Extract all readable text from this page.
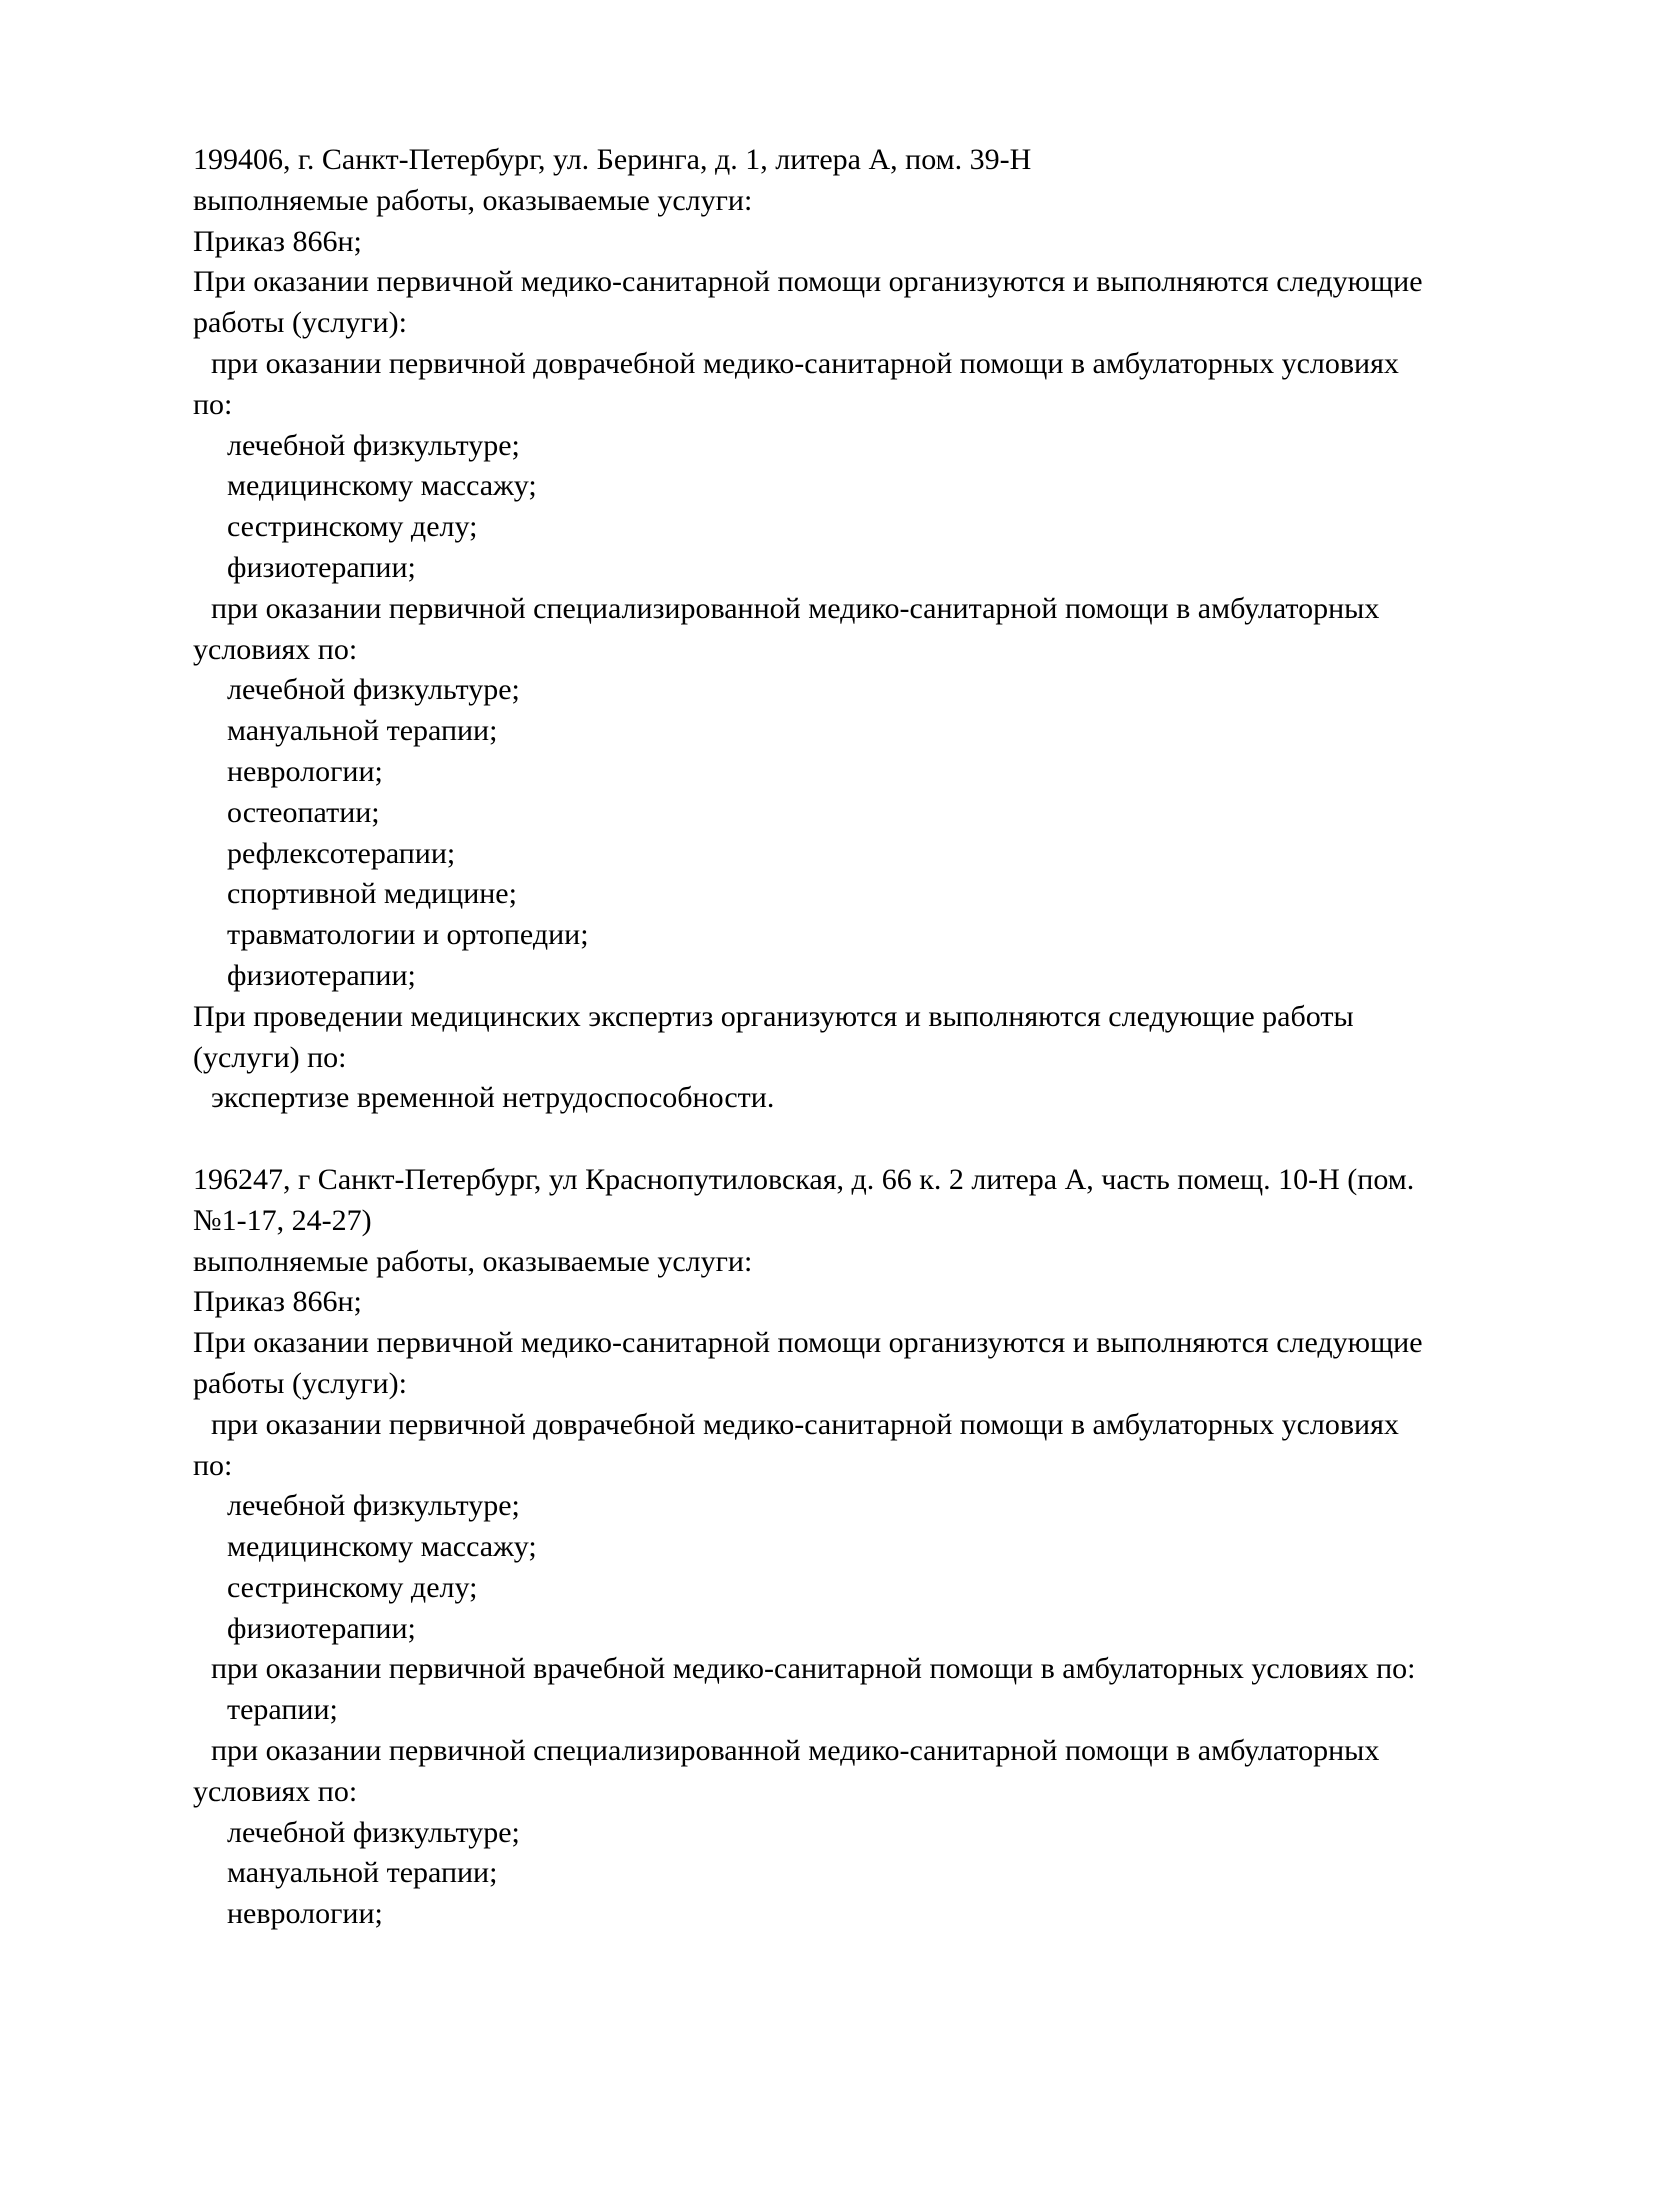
199406, г. Санкт-Петербург, ул. Беринга, д. 1, литера А, пом. 39-Н
выполняемые работы, оказываемые услуги:
Приказ 866н;
При оказании первичной медико-санитарной помощи организуются и выполняются следующие
работы (услуги):
при оказании первичной доврачебной медико-санитарной помощи в амбулаторных условиях
по:
лечебной физкультуре;
медицинскому массажу;
сестринскому делу;
физиотерапии;
при оказании первичной специализированной медико-санитарной помощи в амбулаторных
условиях по:
лечебной физкультуре;
мануальной терапии;
неврологии;
остеопатии;
рефлексотерапии;
спортивной медицине;
травматологии и ортопедии;
физиотерапии;
При проведении медицинских экспертиз организуются и выполняются следующие работы
(услуги) по:
экспертизе временной нетрудоспособности.

196247, г Санкт-Петербург, ул Краснопутиловская, д. 66 к. 2 литера А, часть помещ. 10-Н (пом.
№1-17, 24-27)
выполняемые работы, оказываемые услуги:
Приказ 866н;
При оказании первичной медико-санитарной помощи организуются и выполняются следующие
работы (услуги):
при оказании первичной доврачебной медико-санитарной помощи в амбулаторных условиях
по:
лечебной физкультуре;
медицинскому массажу;
сестринскому делу;
физиотерапии;
при оказании первичной врачебной медико-санитарной помощи в амбулаторных условиях по:
терапии;
при оказании первичной специализированной медико-санитарной помощи в амбулаторных
условиях по:
лечебной физкультуре;
мануальной терапии;
неврологии;
